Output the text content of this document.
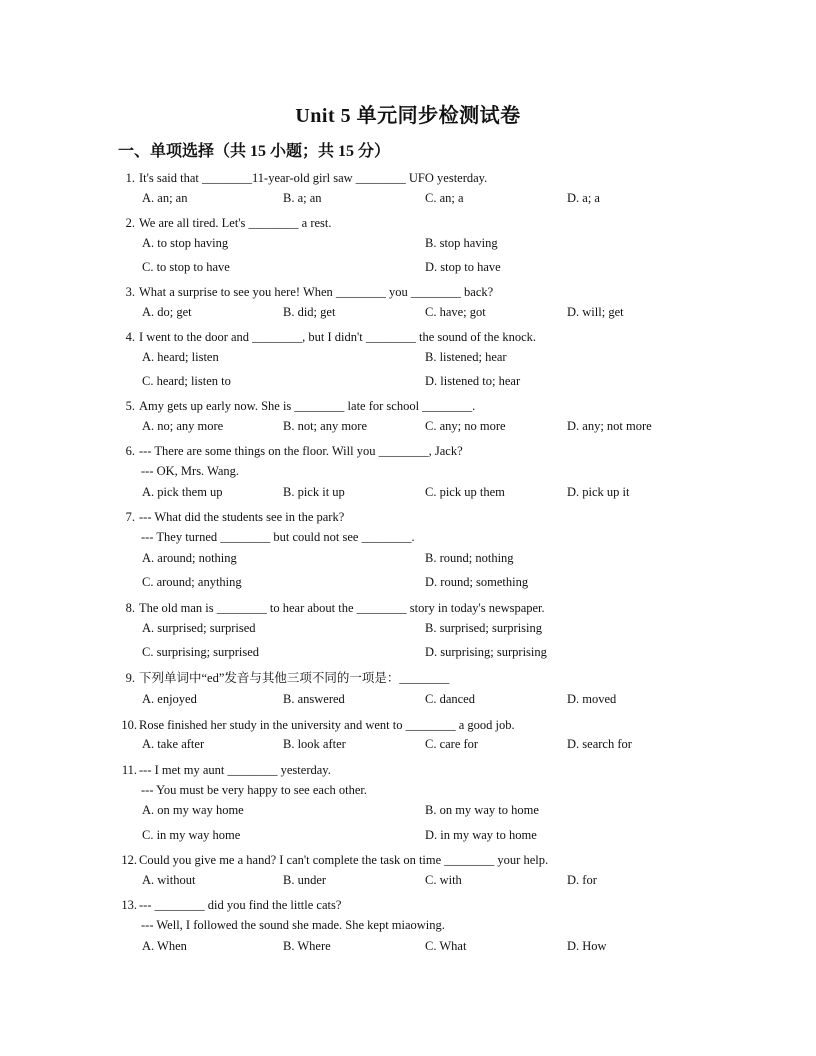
Unit 5 单元同步检测试卷
一、单项选择（共 15 小题；共 15 分）
1. It's said that ________11-year-old girl saw ________ UFO yesterday.
A. an; an	B. a; an	C. an; a	D. a; a
2. We are all tired. Let's ________ a rest.
A. to stop having	B. stop having
C. to stop to have	D. stop to have
3. What a surprise to see you here! When ________ you ________ back?
A. do; get	B. did; get	C. have; got	D. will; get
4. I went to the door and ________, but I didn't ________ the sound of the knock.
A. heard; listen	B. listened; hear
C. heard; listen to	D. listened to; hear
5. Amy gets up early now. She is ________ late for school ________.
A. no; any more	B. not; any more	C. any; no more	D. any; not more
6. --- There are some things on the floor. Will you ________, Jack?
--- OK, Mrs. Wang.
A. pick them up	B. pick it up	C. pick up them	D. pick up it
7. --- What did the students see in the park?
--- They turned ________ but could not see ________.
A. around; nothing	B. round; nothing
C. around; anything	D. round; something
8. The old man is ________ to hear about the ________ story in today's newspaper.
A. surprised; surprised	B. surprised; surprising
C. surprising; surprised	D. surprising; surprising
9. 下列单词中“ed”发音与其他三项不同的一项是：________
A. enjoyed	B. answered	C. danced	D. moved
10. Rose finished her study in the university and went to ________ a good job.
A. take after	B. look after	C. care for	D. search for
11. --- I met my aunt ________ yesterday.
--- You must be very happy to see each other.
A. on my way home	B. on my way to home
C. in my way home	D. in my way to home
12. Could you give me a hand? I can't complete the task on time ________ your help.
A. without	B. under	C. with	D. for
13. --- ________ did you find the little cats?
--- Well, I followed the sound she made. She kept miaowing.
A. When	B. Where	C. What	D. How
